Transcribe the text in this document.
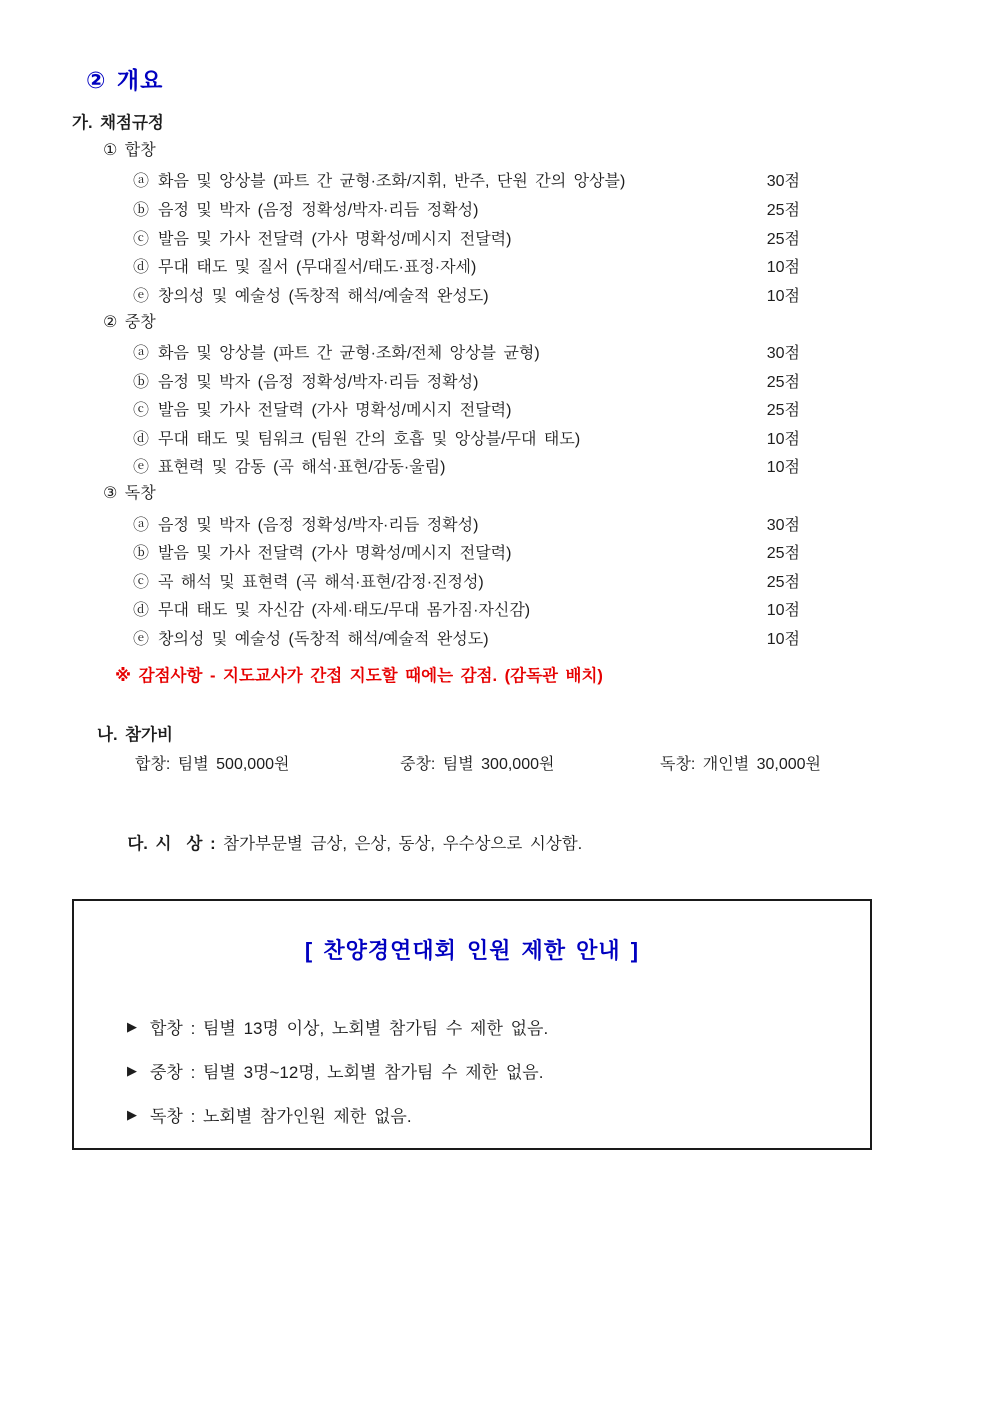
② 개요
가. 채점규정
① 합창
ⓐ 화음 및 앙상블 (파트 간 균형·조화/지휘, 반주, 단원 간의 앙상블)	30점
ⓑ 음정 및 박자 (음정 정확성/박자·리듬 정확성)	25점
ⓒ 발음 및 가사 전달력 (가사 명확성/메시지 전달력)	25점
ⓓ 무대 태도 및 질서 (무대질서/태도·표정·자세)	10점
ⓔ 창의성 및 예술성 (독창적 해석/예술적 완성도)	10점
② 중창
ⓐ 화음 및 앙상블 (파트 간 균형·조화/전체 앙상블 균형)	30점
ⓑ 음정 및 박자 (음정 정확성/박자·리듬 정확성)	25점
ⓒ 발음 및 가사 전달력 (가사 명확성/메시지 전달력)	25점
ⓓ 무대 태도 및 팀워크 (팀원 간의 호흡 및 앙상블/무대 태도)	10점
ⓔ 표현력 및 감동 (곡 해석·표현/감동·울림)	10점
③ 독창
ⓐ 음정 및 박자 (음정 정확성/박자·리듬 정확성)	30점
ⓑ 발음 및 가사 전달력 (가사 명확성/메시지 전달력)	25점
ⓒ 곡 해석 및 표현력 (곡 해석·표현/감정·진정성)	25점
ⓓ 무대 태도 및 자신감 (자세·태도/무대 몸가짐·자신감)	10점
ⓔ 창의성 및 예술성 (독창적 해석/예술적 완성도)	10점
※ 감점사항 - 지도교사가 간접 지도할 때에는 감점. (감독관 배치)
나. 참가비
합창: 팀별 500,000원	중창: 팀별 300,000원	독창: 개인별 30,000원

다. 시  상 : 참가부문별 금상, 은상, 동상, 우수상으로 시상함.

[ 찬양경연대회 인원 제한 안내 ]
▶ 합창 : 팀별 13명 이상, 노회별 참가팀 수 제한 없음.
▶ 중창 : 팀별 3명~12명, 노회별 참가팀 수 제한 없음.
▶ 독창 : 노회별 참가인원 제한 없음.
